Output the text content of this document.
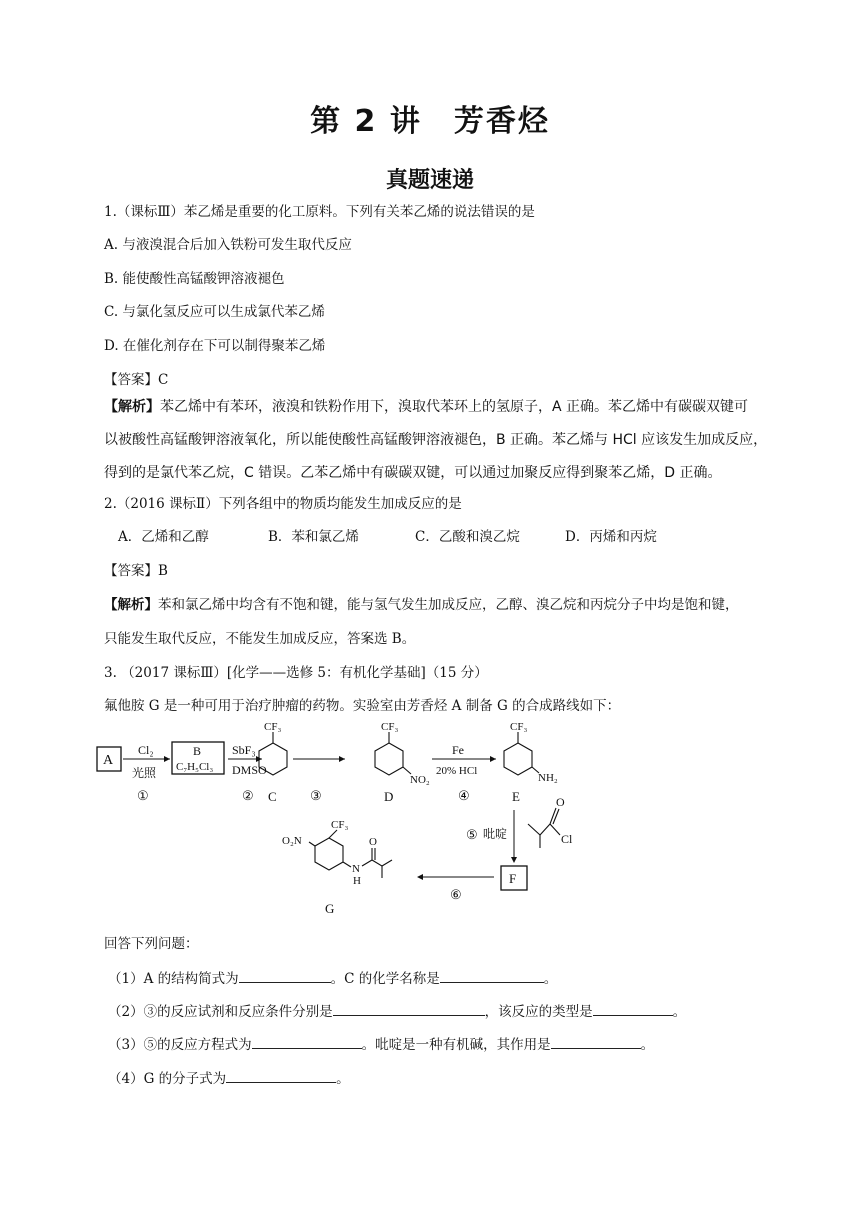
第 2 讲　芳香烃
真题速递
1.（课标Ⅲ）苯乙烯是重要的化工原料。下列有关苯乙烯的说法错误的是
A. 与液溴混合后加入铁粉可发生取代反应
B. 能使酸性高锰酸钾溶液褪色
C. 与氯化氢反应可以生成氯代苯乙烯
D. 在催化剂存在下可以制得聚苯乙烯
【答案】C
【解析】苯乙烯中有苯环，液溴和铁粉作用下，溴取代苯环上的氢原子，A 正确。苯乙烯中有碳碳双键可
以被酸性高锰酸钾溶液氧化，所以能使酸性高锰酸钾溶液褪色，B 正确。苯乙烯与 HCl 应该发生加成反应，
得到的是氯代苯乙烷，C 错误。乙苯乙烯中有碳碳双键，可以通过加聚反应得到聚苯乙烯，D 正确。
2.（2016 课标Ⅱ）下列各组中的物质均能发生加成反应的是
A．乙烯和乙醇	B．苯和氯乙烯	C．乙酸和溴乙烷	D．丙烯和丙烷
【答案】B
【解析】苯和氯乙烯中均含有不饱和键，能与氢气发生加成反应，乙醇、溴乙烷和丙烷分子中均是饱和键，
只能发生取代反应，不能发生加成反应，答案选 B。
3. （2017 课标Ⅲ）[化学——选修 5：有机化学基础]（15 分）
氟他胺 G 是一种可用于治疗肿瘤的药物。实验室由芳香烃 A 制备 G 的合成路线如下：
A
Cl₂
光照
①
B
C₇H₅Cl₃
SbF₃
DMSO
②
CF₃
C	③
CF₃
NO₂
D
Fe
20% HCl
④
CF₃
NH₂
E
⑤ 吡啶
O
Cl
F
⑥
CF₃
O₂N	O
N
H
G
回答下列问题：
（1）A 的结构简式为	。C 的化学名称是	。
（2）③的反应试剂和反应条件分别是	，该反应的类型是	。
（3）⑤的反应方程式为	。吡啶是一种有机碱，其作用是	。
（4）G 的分子式为	。
